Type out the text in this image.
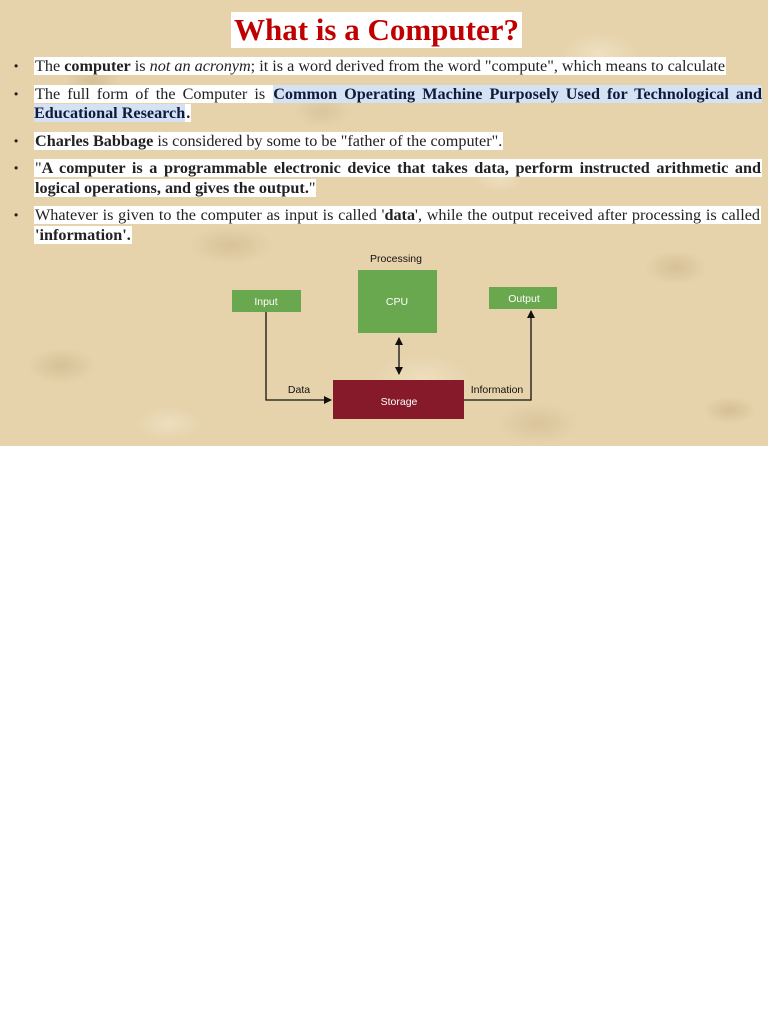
What is a Computer?
• The computer is not an acronym; it is a word derived from the word "compute", which means to calculate
• The full form of the Computer is Common Operating Machine Purposely Used for Technological and Educational Research.
• Charles Babbage is considered by some to be "father of the computer".
• "A computer is a programmable electronic device that takes data, perform instructed arithmetic and logical operations, and gives the output."
• Whatever is given to the computer as input is called 'data', while the output received after processing is called 'information'.
Processing
CPU
Input	Output
Storage
Data	Information
